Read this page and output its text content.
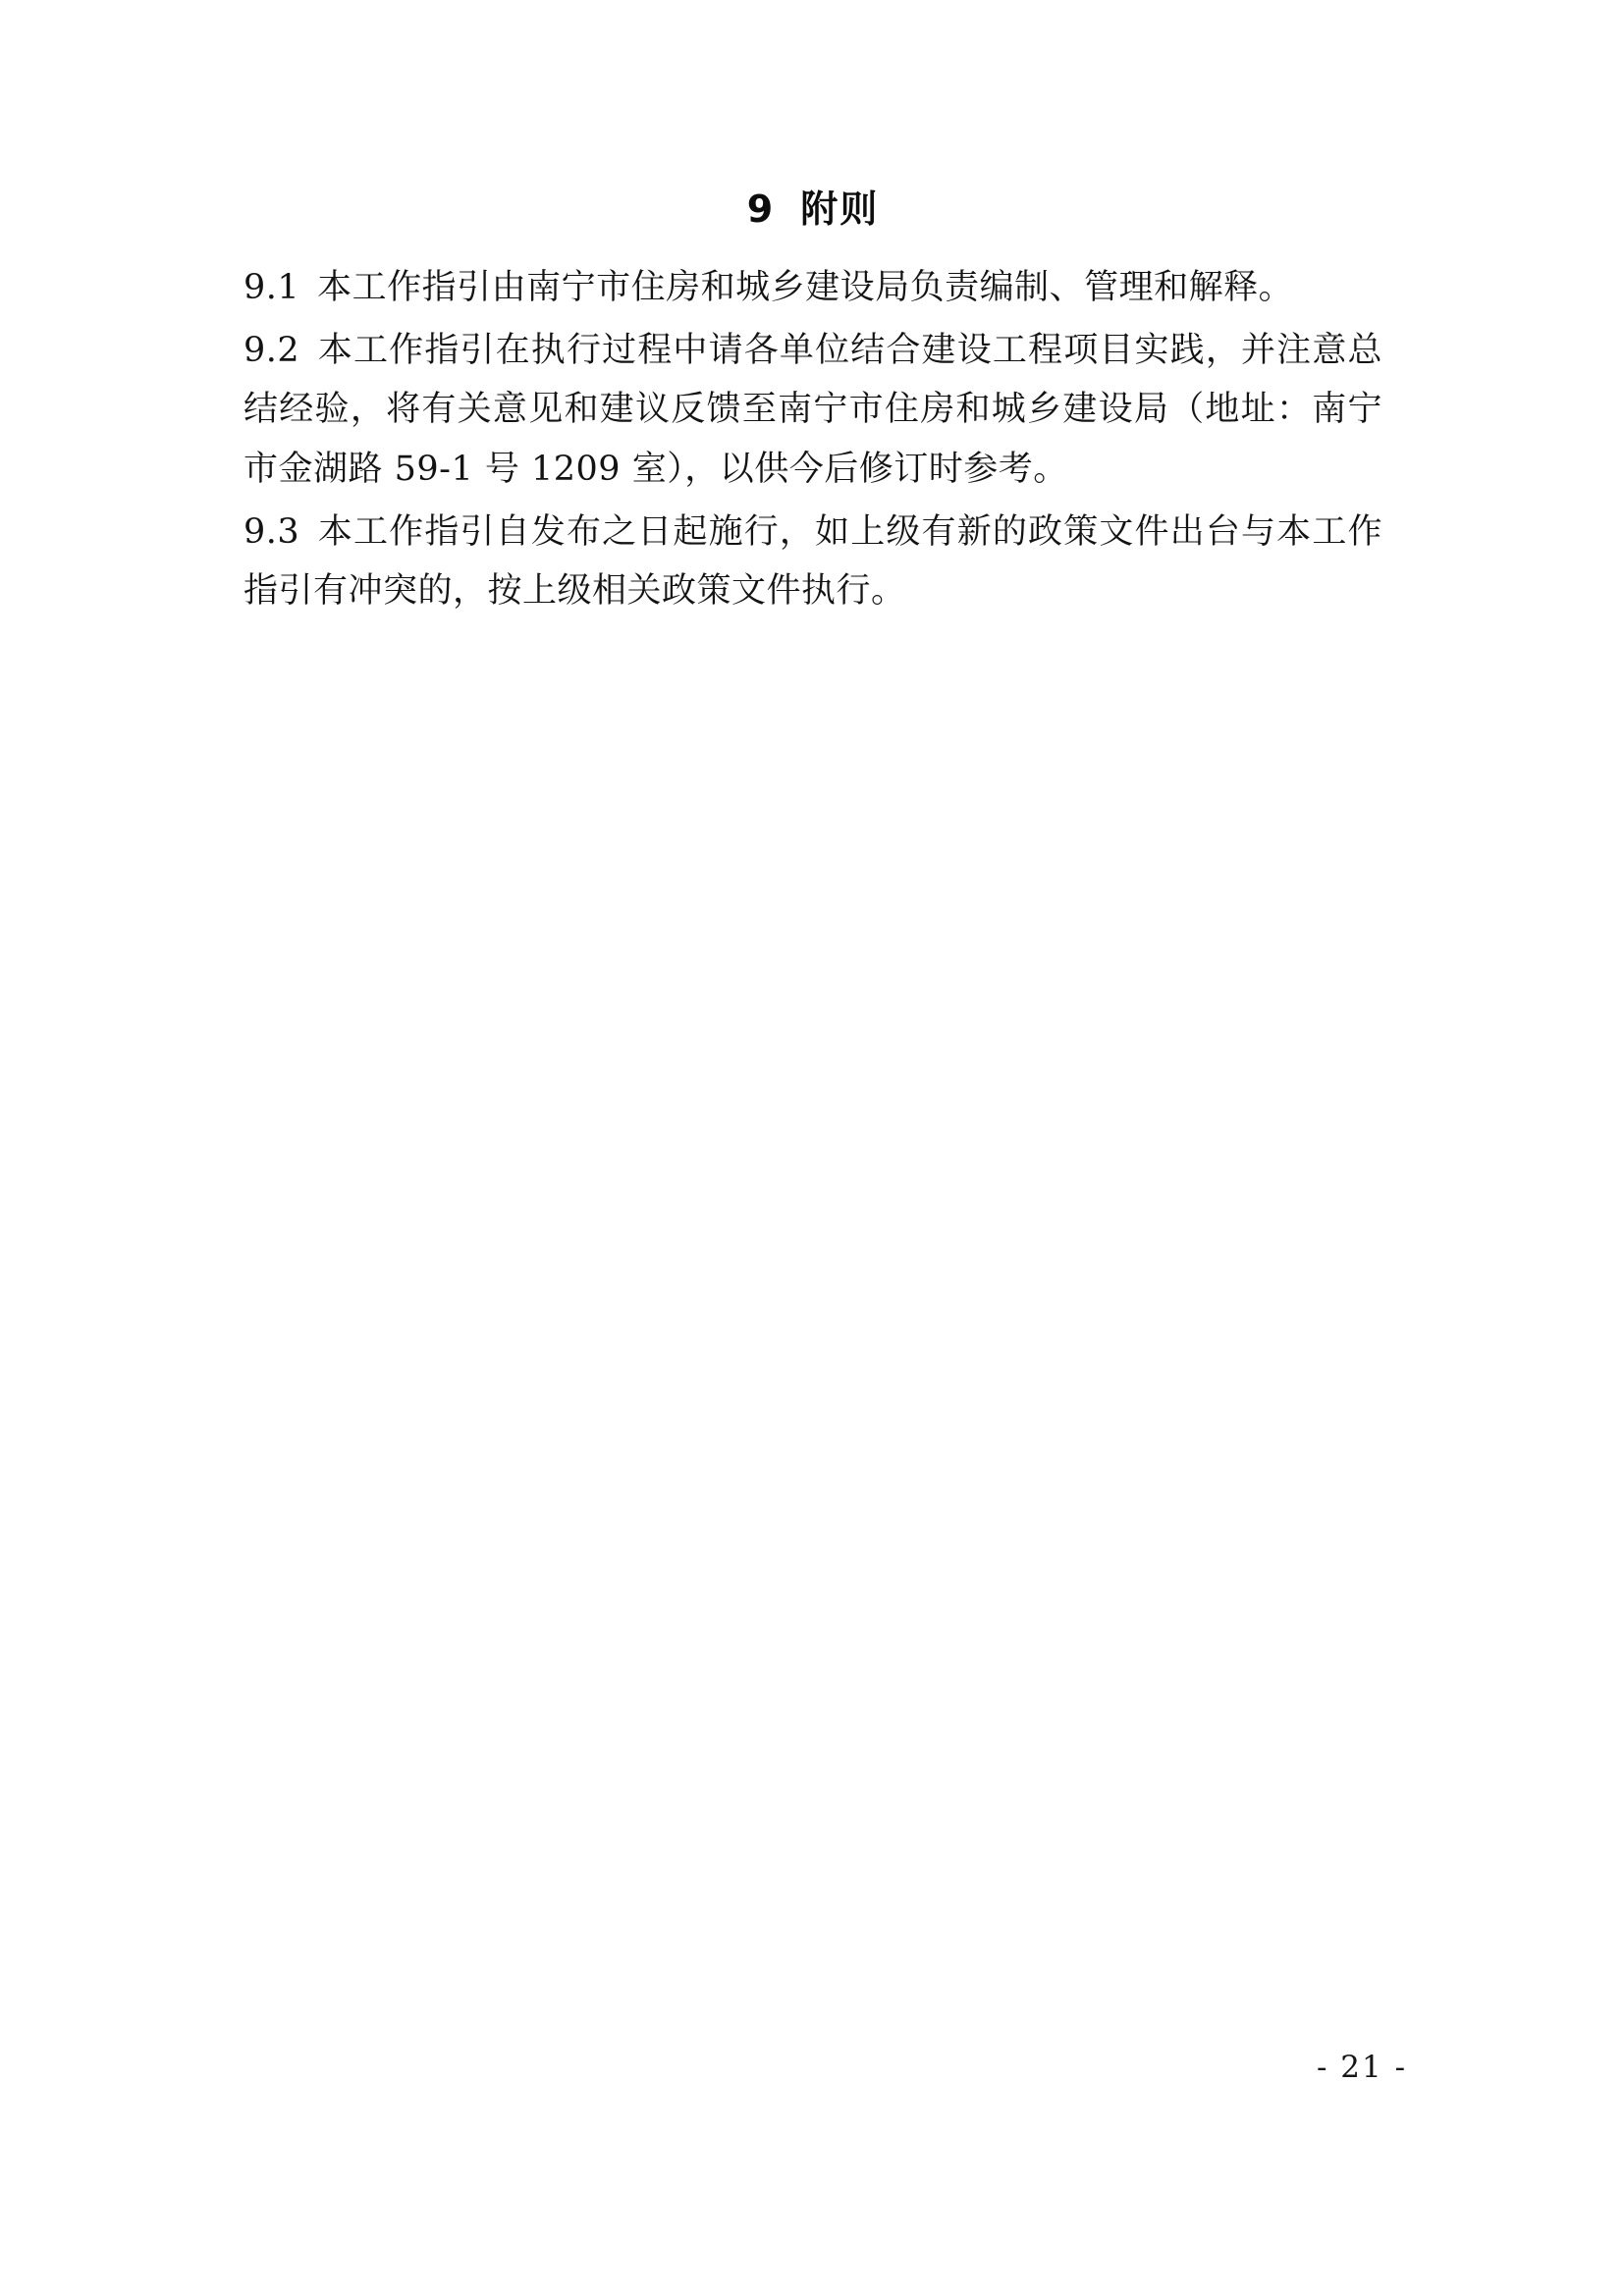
9 附则

9.1 本工作指引由南宁市住房和城乡建设局负责编制、管理和解释。

9.2 本工作指引在执行过程中请各单位结合建设工程项目实践，并注意总结经验，将有关意见和建议反馈至南宁市住房和城乡建设局（地址：南宁市金湖路 59-1 号 1209 室），以供今后修订时参考。

9.3 本工作指引自发布之日起施行，如上级有新的政策文件出台与本工作指引有冲突的，按上级相关政策文件执行。

- 21 -
